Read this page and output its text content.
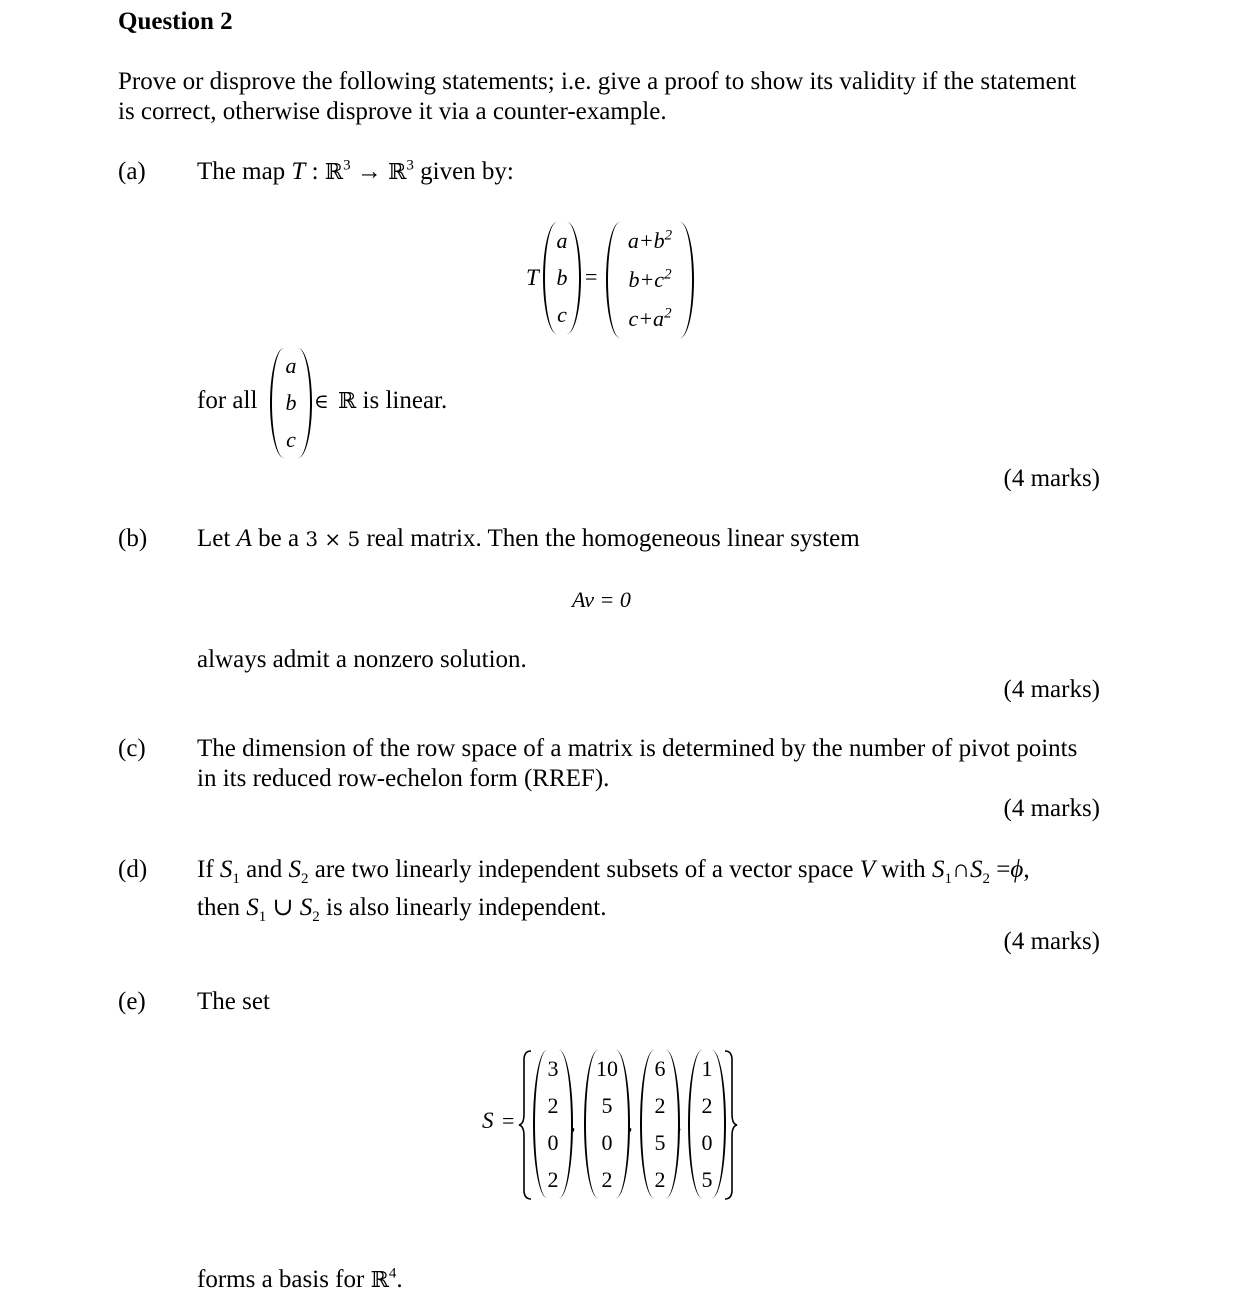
Question 2
Prove or disprove the following statements; i.e. give a proof to show its validity if the statement
is correct, otherwise disprove it via a counter-example.
(a) The map T : ℝ$^3$ → ℝ$^3$ given by:
T
a
b
c
=
$a+b^2$
$b+c^2$
$c+a^2$
for all
a
b
c
∈ ℝ is linear.
(4 marks)
(b) Let A be a 3 × 5 real matrix. Then the homogeneous linear system
Av = 0
always admit a nonzero solution.
(4 marks)
(c) The dimension of the row space of a matrix is determined by the number of pivot points
in its reduced row-echelon form (RREF).
(4 marks)
(d) If $S_1$ and $S_2$ are two linearly independent subsets of a vector space V with $S_1\cap S_2 =\phi$,
then $S_1$ ∪ $S_2$ is also linearly independent.
(4 marks)
(e) The set
S =
3
2
0
2
,
10
5
0
2
,
6
2
5
2
,
1
2
0
5
forms a basis for ℝ$^4$.
